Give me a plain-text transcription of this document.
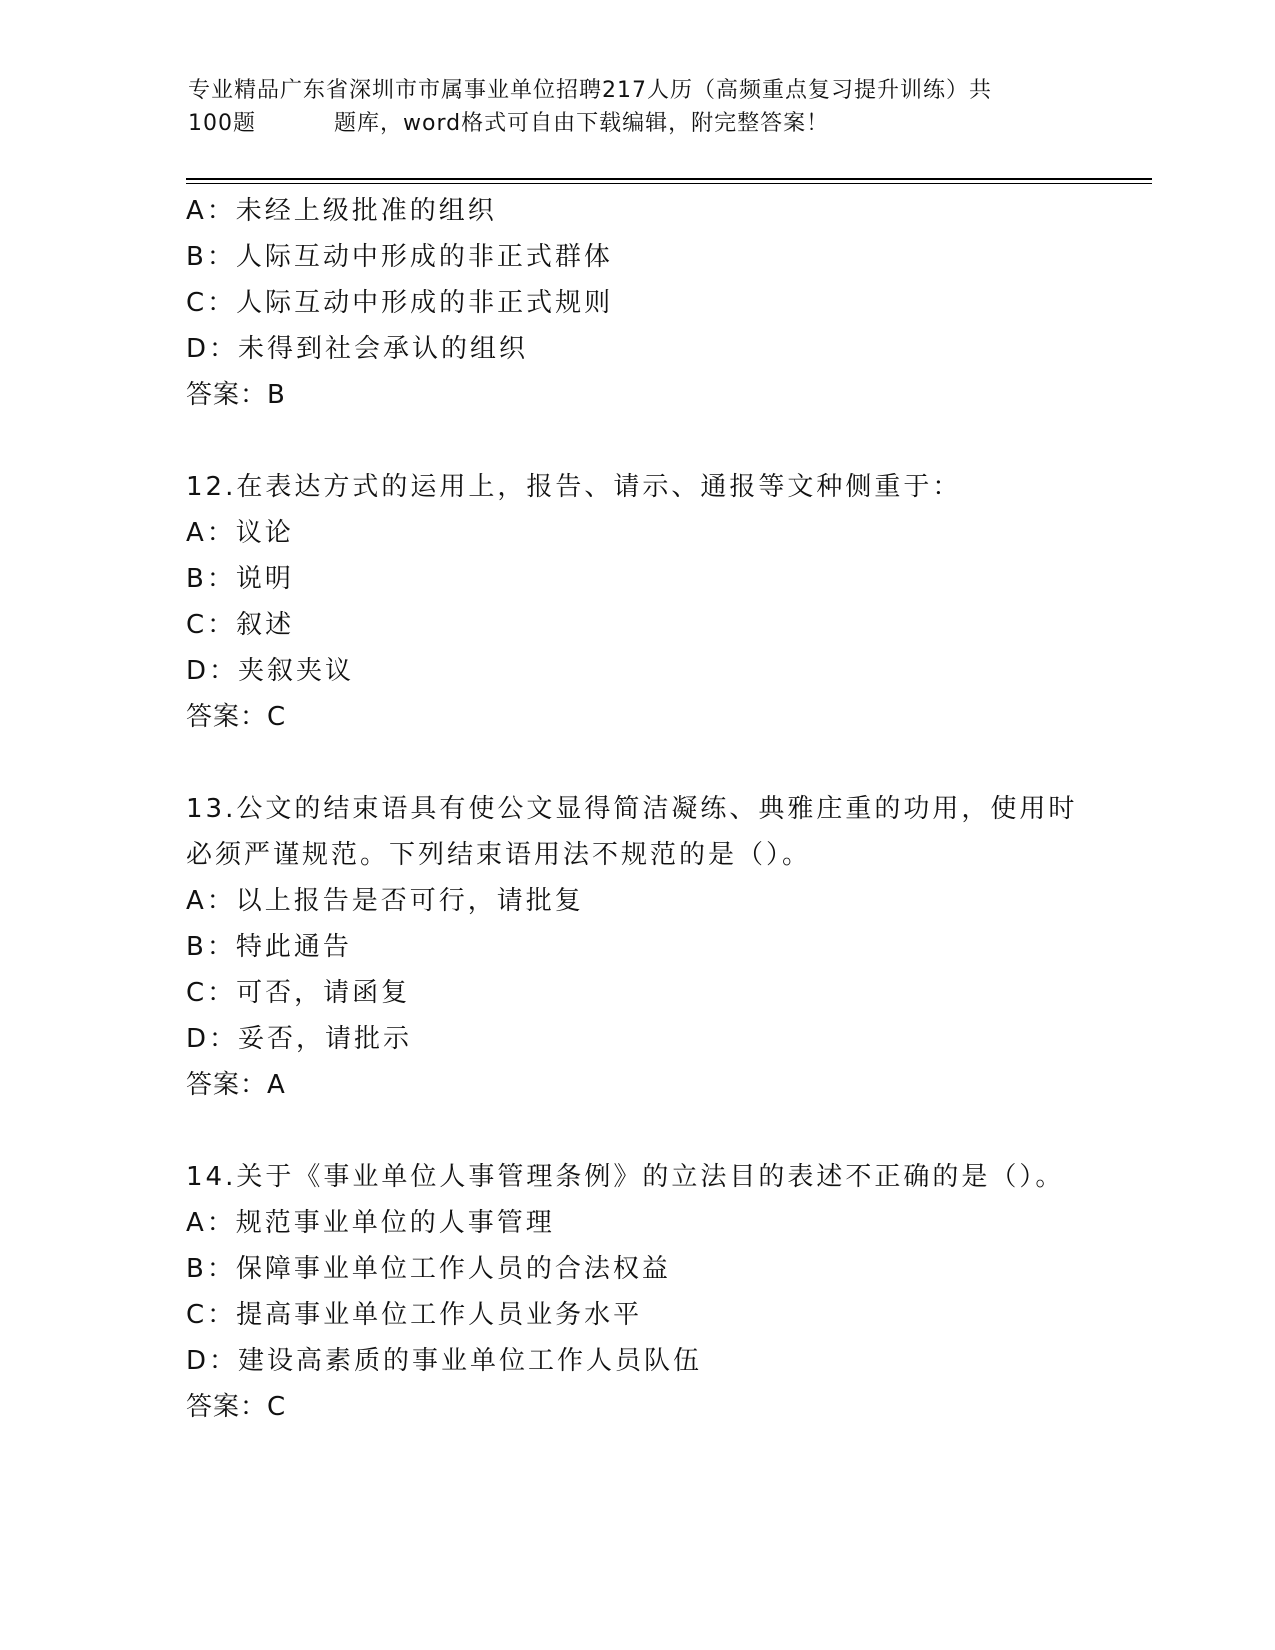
专业精品广东省深圳市市属事业单位招聘217人历（高频重点复习提升训练）共
100题	题库，word格式可自由下载编辑，附完整答案！
A：未经上级批准的组织
B：人际互动中形成的非正式群体
C：人际互动中形成的非正式规则
D：未得到社会承认的组织
答案：B
12.在表达方式的运用上，报告、请示、通报等文种侧重于：
A：议论
B：说明
C：叙述
D：夹叙夹议
答案：C
13.公文的结束语具有使公文显得简洁凝练、典雅庄重的功用，使用时
必须严谨规范。下列结束语用法不规范的是（）。
A：以上报告是否可行，请批复
B：特此通告
C：可否，请函复
D：妥否，请批示
答案：A
14.关于《事业单位人事管理条例》的立法目的表述不正确的是（）。
A：规范事业单位的人事管理
B：保障事业单位工作人员的合法权益
C：提高事业单位工作人员业务水平
D：建设高素质的事业单位工作人员队伍
答案：C
